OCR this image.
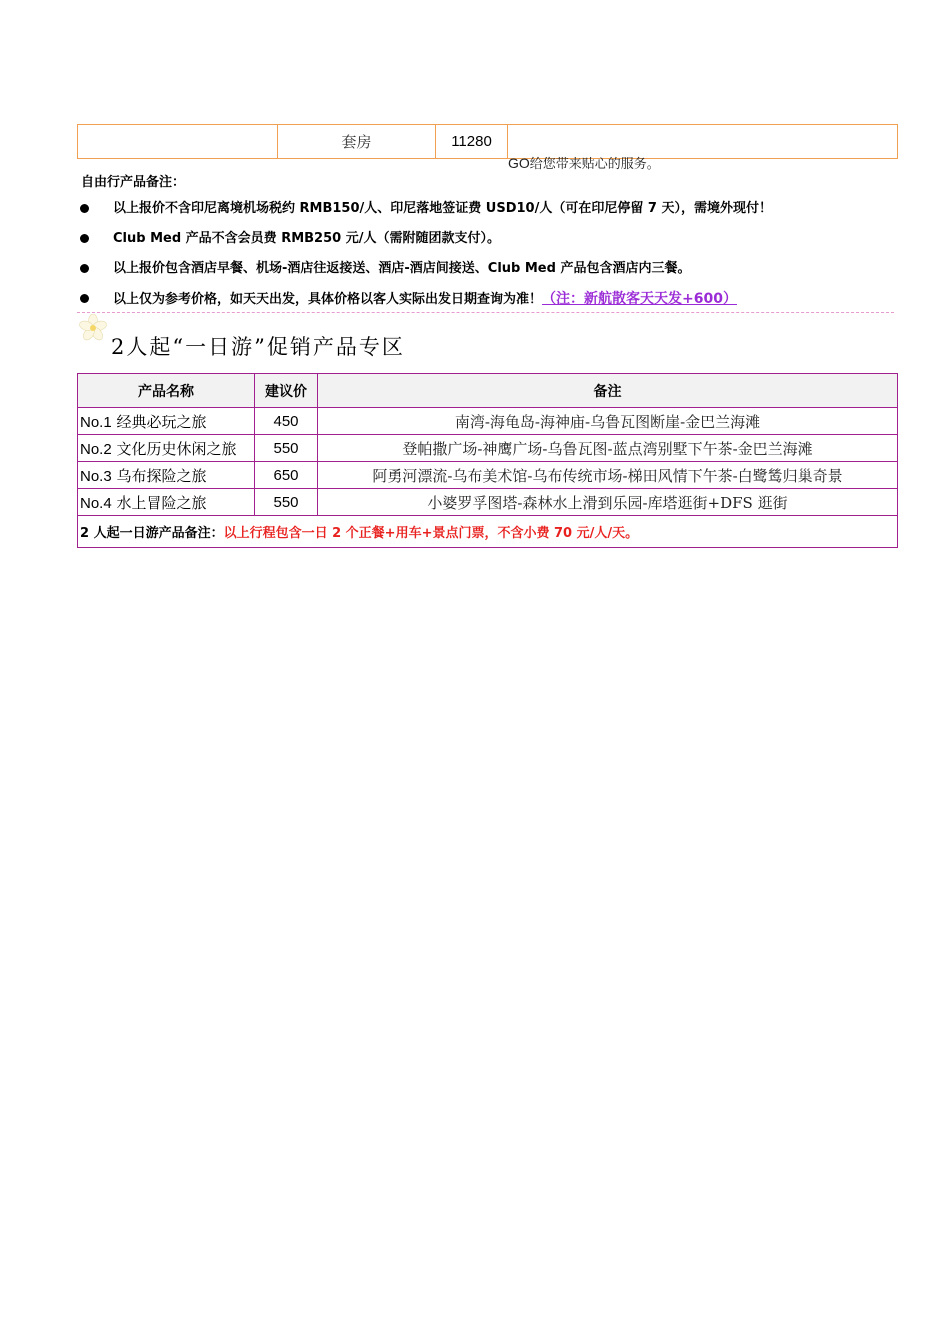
	套房	11280	
GO给您带来贴心的服务。
自由行产品备注：
以上报价不含印尼离境机场税约 RMB150/人、印尼落地签证费 USD10/人（可在印尼停留 7 天），需境外现付！
Club Med 产品不含会员费 RMB250 元/人（需附随团款支付）。
以上报价包含酒店早餐、机场-酒店往返接送、酒店-酒店间接送、Club Med 产品包含酒店内三餐。
以上仅为参考价格，如天天出发，具体价格以客人实际出发日期查询为准！（注：新航散客天天发+600）
2人起“一日游”促销产品专区
产品名称	建议价	备注
No.1 经典必玩之旅	450	南湾-海龟岛-海神庙-乌鲁瓦图断崖-金巴兰海滩
No.2 文化历史休闲之旅	550	登帕撒广场-神鹰广场-乌鲁瓦图-蓝点湾别墅下午茶-金巴兰海滩
No.3 乌布探险之旅	650	阿勇河漂流-乌布美术馆-乌布传统市场-梯田风情下午茶-白鹭鸶归巢奇景
No.4 水上冒险之旅	550	小婆罗孚图塔-森林水上滑到乐园-库塔逛街+DFS 逛街
2 人起一日游产品备注：以上行程包含一日 2 个正餐+用车+景点门票，不含小费 70 元/人/天。		
